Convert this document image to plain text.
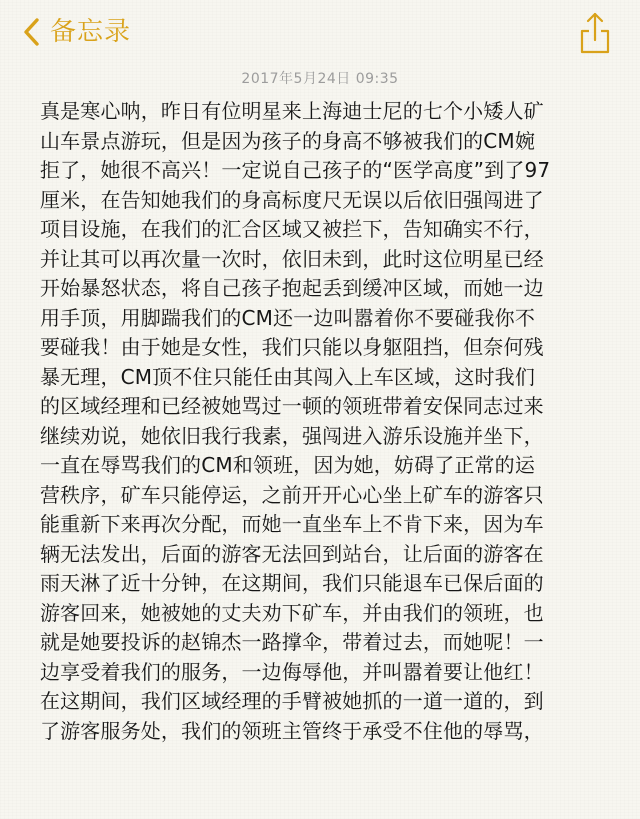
备忘录
2017年5月24日 09:35
真是寒心呐，昨日有位明星来上海迪士尼的七个小矮人矿
山车景点游玩，但是因为孩子的身高不够被我们的CM婉
拒了，她很不高兴！一定说自己孩子的“医学高度”到了97
厘米，在告知她我们的身高标度尺无误以后依旧强闯进了
项目设施，在我们的汇合区域又被拦下，告知确实不行，
并让其可以再次量一次时，依旧未到，此时这位明星已经
开始暴怒状态，将自己孩子抱起丢到缓冲区域，而她一边
用手顶，用脚踹我们的CM还一边叫嚣着你不要碰我你不
要碰我！由于她是女性，我们只能以身躯阻挡，但奈何残
暴无理，CM顶不住只能任由其闯入上车区域，这时我们
的区域经理和已经被她骂过一顿的领班带着安保同志过来
继续劝说，她依旧我行我素，强闯进入游乐设施并坐下，
一直在辱骂我们的CM和领班，因为她，妨碍了正常的运
营秩序，矿车只能停运，之前开开心心坐上矿车的游客只
能重新下来再次分配，而她一直坐车上不肯下来，因为车
辆无法发出，后面的游客无法回到站台，让后面的游客在
雨天淋了近十分钟，在这期间，我们只能退车已保后面的
游客回来，她被她的丈夫劝下矿车，并由我们的领班，也
就是她要投诉的赵锦杰一路撑伞，带着过去，而她呢！一
边享受着我们的服务，一边侮辱他，并叫嚣着要让他红！
在这期间，我们区域经理的手臂被她抓的一道一道的，到
了游客服务处，我们的领班主管终于承受不住他的辱骂，
